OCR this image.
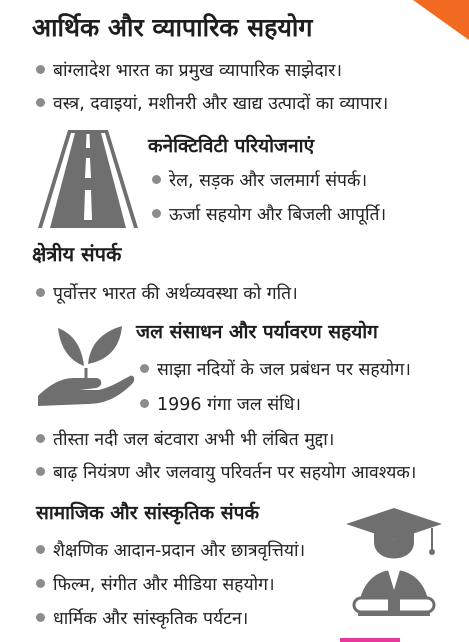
आर्थिक और व्यापारिक सहयोग
बांग्लादेश भारत का प्रमुख व्यापारिक साझेदार।
वस्त्र, दवाइयां, मशीनरी और खाद्य उत्पादों का व्यापार।
कनेक्टिविटी परियोजनाएं
रेल, सड़क और जलमार्ग संपर्क।
ऊर्जा सहयोग और बिजली आपूर्ति।
क्षेत्रीय संपर्क
पूर्वोत्तर भारत की अर्थव्यवस्था को गति।
जल संसाधन और पर्यावरण सहयोग
साझा नदियों के जल प्रबंधन पर सहयोग।
1996 गंगा जल संधि।
तीस्ता नदी जल बंटवारा अभी भी लंबित मुद्दा।
बाढ़ नियंत्रण और जलवायु परिवर्तन पर सहयोग आवश्यक।
सामाजिक और सांस्कृतिक संपर्क
शैक्षणिक आदान-प्रदान और छात्रवृत्तियां।
फिल्म, संगीत और मीडिया सहयोग।
धार्मिक और सांस्कृतिक पर्यटन।
